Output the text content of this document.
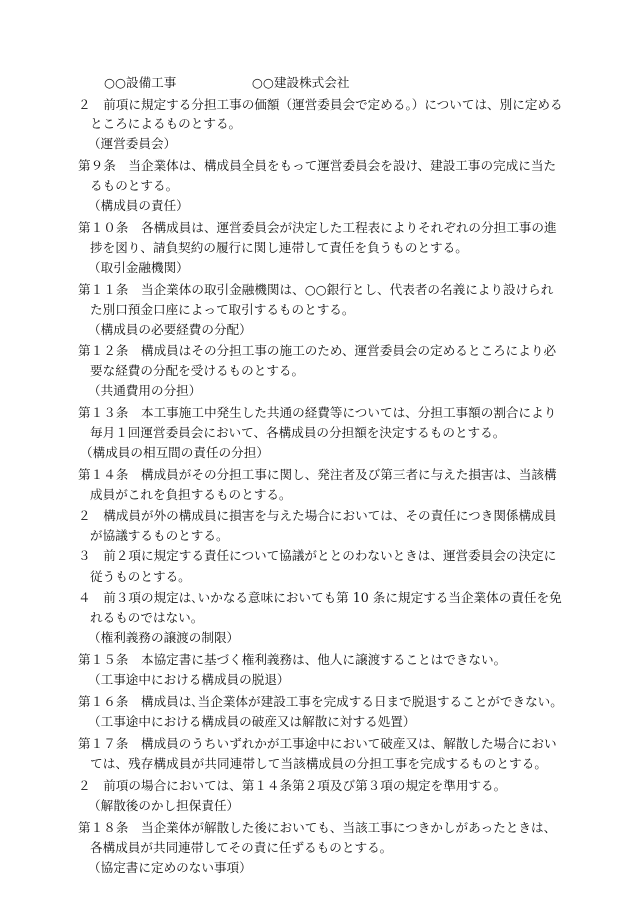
○○設備工事　　　　　　○○建設株式会社
２　前項に規定する分担工事の価額（運営委員会で定める。）については、別に定める
ところによるものとする。
（運営委員会）
第９条　当企業体は、構成員全員をもって運営委員会を設け、建設工事の完成に当た
るものとする。
（構成員の責任）
第１０条　各構成員は、運営委員会が決定した工程表によりそれぞれの分担工事の進
捗を図り、請負契約の履行に関し連帯して責任を負うものとする。
（取引金融機関）
第１１条　当企業体の取引金融機関は、○○銀行とし、代表者の名義により設けられ
た別口預金口座によって取引するものとする。
（構成員の必要経費の分配）
第１２条　構成員はその分担工事の施工のため、運営委員会の定めるところにより必
要な経費の分配を受けるものとする。
（共通費用の分担）
第１３条　本工事施工中発生した共通の経費等については、分担工事額の割合により
毎月１回運営委員会において、各構成員の分担額を決定するものとする。
（構成員の相互間の責任の分担）
第１４条　構成員がその分担工事に関し、発注者及び第三者に与えた損害は、当該構
成員がこれを負担するものとする。
２　構成員が外の構成員に損害を与えた場合においては、その責任につき関係構成員
が協議するものとする。
３　前２項に規定する責任について協議がととのわないときは、運営委員会の決定に
従うものとする。
４　前３項の規定は､いかなる意味においても第 10 条に規定する当企業体の責任を免
れるものではない。
（権利義務の譲渡の制限）
第１５条　本協定書に基づく権利義務は、他人に譲渡することはできない。
（工事途中における構成員の脱退）
第１６条　構成員は､当企業体が建設工事を完成する日まで脱退することができない。
（工事途中における構成員の破産又は解散に対する処置）
第１７条　構成員のうちいずれかが工事途中において破産又は、解散した場合におい
ては、残存構成員が共同連帯して当該構成員の分担工事を完成するものとする。
２　前項の場合においては、第１４条第２項及び第３項の規定を準用する。
（解散後のかし担保責任）
第１８条　当企業体が解散した後においても、当該工事につきかしがあったときは、
各構成員が共同連帯してその責に任ずるものとする。
（協定書に定めのない事項）
